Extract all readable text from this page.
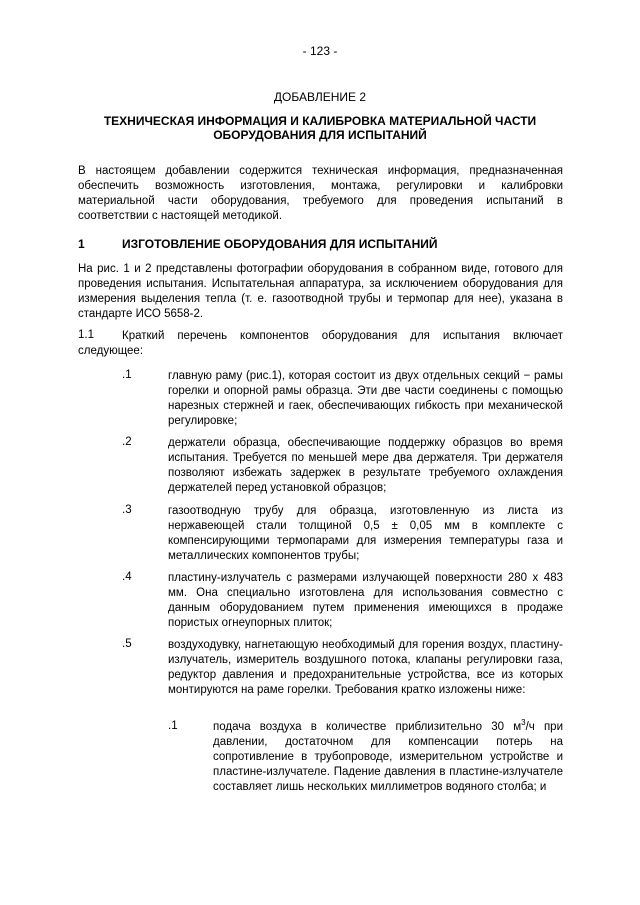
- 123 -
ДОБАВЛЕНИЕ 2
ТЕХНИЧЕСКАЯ ИНФОРМАЦИЯ И КАЛИБРОВКА МАТЕРИАЛЬНОЙ ЧАСТИ ОБОРУДОВАНИЯ ДЛЯ ИСПЫТАНИЙ
В настоящем добавлении содержится техническая информация, предназначенная обеспечить возможность изготовления, монтажа, регулировки и калибровки материальной части оборудования, требуемого для проведения испытаний в соответствии с настоящей методикой.
1	ИЗГОТОВЛЕНИЕ ОБОРУДОВАНИЯ ДЛЯ ИСПЫТАНИЙ
На рис. 1 и 2 представлены фотографии оборудования в собранном виде, готового для проведения испытания. Испытательная аппаратура, за исключением оборудования для измерения выделения тепла (т. е. газоотводной трубы и термопар для нее), указана в стандарте ИСО 5658-2.
1.1	Краткий перечень компонентов оборудования для испытания включает следующее:
.1	главную раму (рис.1), которая состоит из двух отдельных секций − рамы горелки и опорной рамы образца. Эти две части соединены с помощью нарезных стержней и гаек, обеспечивающих гибкость при механической регулировке;
.2	держатели образца, обеспечивающие поддержку образцов во время испытания. Требуется по меньшей мере два держателя. Три держателя позволяют избежать задержек в результате требуемого охлаждения держателей перед установкой образцов;
.3	газоотводную трубу для образца, изготовленную из листа из нержавеющей стали толщиной 0,5 ± 0,05 мм в комплекте с компенсирующими термопарами для измерения температуры газа и металлических компонентов трубы;
.4	пластину-излучатель с размерами излучающей поверхности 280 x 483 мм. Она специально изготовлена для использования совместно с данным оборудованием путем применения имеющихся в продаже пористых огнеупорных плиток;
.5	воздуходувку, нагнетающую необходимый для горения воздух, пластину-излучатель, измеритель воздушного потока, клапаны регулировки газа, редуктор давления и предохранительные устройства, все из которых монтируются на раме горелки. Требования кратко изложены ниже:
.1	подача воздуха в количестве приблизительно 30 $м^3/ч$ при давлении, достаточном для компенсации потерь на сопротивление в трубопроводе, измерительном устройстве и пластине-излучателе. Падение давления в пластине-излучателе составляет лишь нескольких миллиметров водяного столба; и
